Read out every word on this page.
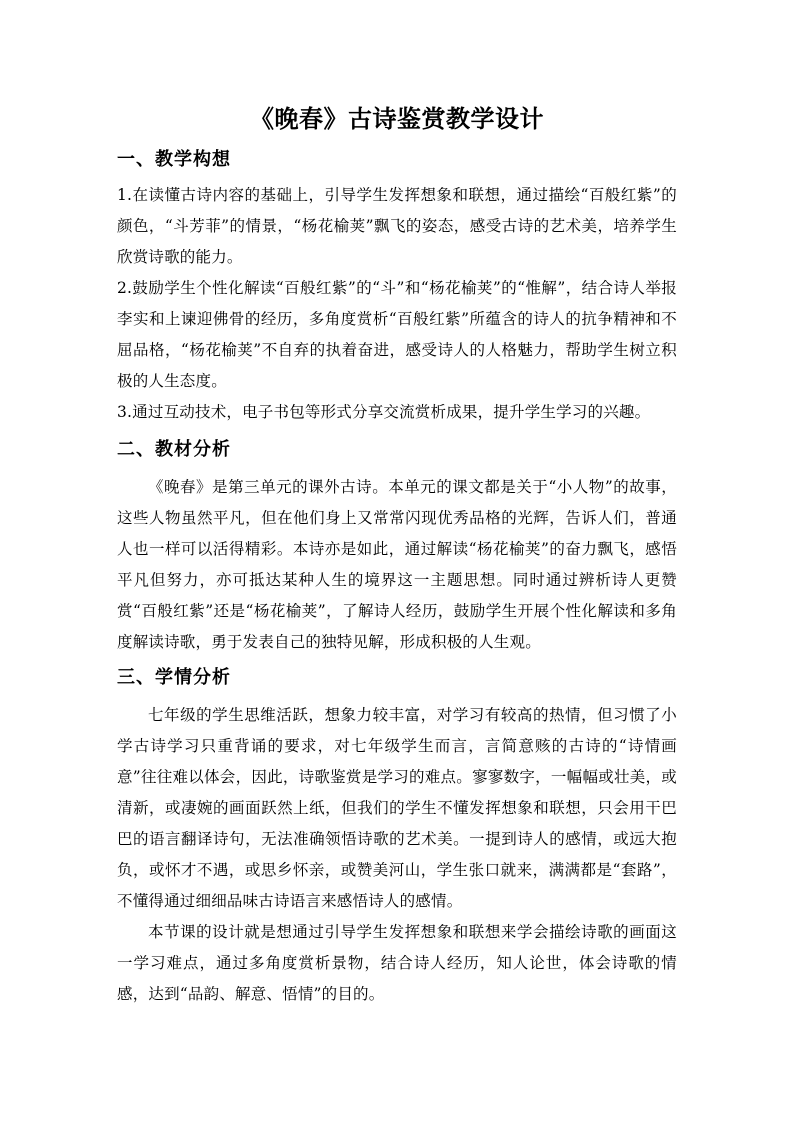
《晚春》古诗鉴赏教学设计
一、教学构想

1.在读懂古诗内容的基础上，引导学生发挥想象和联想，通过描绘“百般红紫”的颜色，“斗芳菲”的情景，“杨花榆荚”飘飞的姿态，感受古诗的艺术美，培养学生欣赏诗歌的能力。

2.鼓励学生个性化解读“百般红紫”的“斗”和“杨花榆荚”的“惟解”，结合诗人举报李实和上谏迎佛骨的经历，多角度赏析“百般红紫”所蕴含的诗人的抗争精神和不屈品格，“杨花榆荚”不自弃的执着奋进，感受诗人的人格魅力，帮助学生树立积极的人生态度。

3.通过互动技术，电子书包等形式分享交流赏析成果，提升学生学习的兴趣。

二、教材分析

《晚春》是第三单元的课外古诗。本单元的课文都是关于“小人物”的故事，这些人物虽然平凡，但在他们身上又常常闪现优秀品格的光辉，告诉人们，普通人也一样可以活得精彩。本诗亦是如此，通过解读“杨花榆荚”的奋力飘飞，感悟平凡但努力，亦可抵达某种人生的境界这一主题思想。同时通过辨析诗人更赞赏“百般红紫”还是“杨花榆荚”，了解诗人经历，鼓励学生开展个性化解读和多角度解读诗歌，勇于发表自己的独特见解，形成积极的人生观。

三、学情分析

七年级的学生思维活跃，想象力较丰富，对学习有较高的热情，但习惯了小学古诗学习只重背诵的要求，对七年级学生而言，言简意赅的古诗的“诗情画意”往往难以体会，因此，诗歌鉴赏是学习的难点。寥寥数字，一幅幅或壮美，或清新，或凄婉的画面跃然上纸，但我们的学生不懂发挥想象和联想，只会用干巴巴的语言翻译诗句，无法准确领悟诗歌的艺术美。一提到诗人的感情，或远大抱负，或怀才不遇，或思乡怀亲，或赞美河山，学生张口就来，满满都是“套路”，不懂得通过细细品味古诗语言来感悟诗人的感情。

本节课的设计就是想通过引导学生发挥想象和联想来学会描绘诗歌的画面这一学习难点，通过多角度赏析景物，结合诗人经历，知人论世，体会诗歌的情感，达到“品韵、解意、悟情”的目的。
